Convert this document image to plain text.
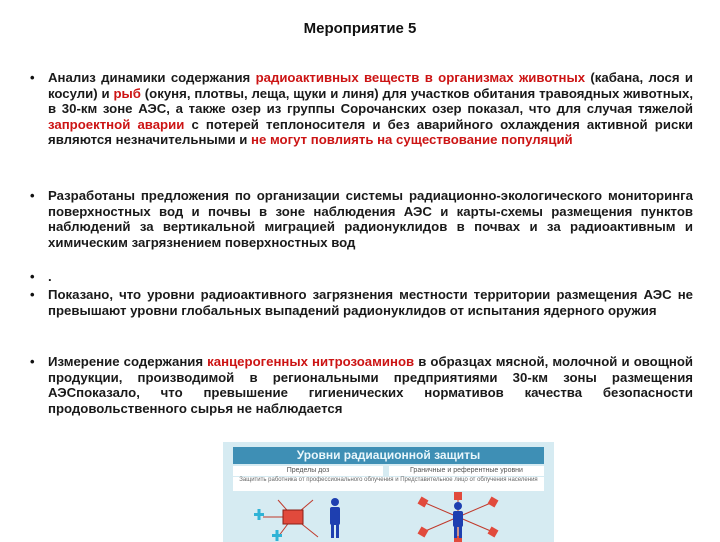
Мероприятие 5
• Анализ динамики содержания радиоактивных веществ в организмах животных (кабана, лося и косули) и рыб (окуня, плотвы, леща, щуки и линя) для участков обитания травоядных животных, в 30-км зоне АЭС, а также озер из группы Сорочанских озер показал, что для случая тяжелой запроектной аварии с потерей теплоносителя и без аварийного охлаждения активной риски являются незначительными и не могут повлиять на существование популяций
• Разработаны предложения по организации системы радиационно-экологического мониторинга поверхностных вод и почвы в зоне наблюдения АЭС и карты-схемы размещения пунктов наблюдений за вертикальной миграцией радионуклидов в почвах и за радиоактивным и химическим загрязнением поверхностных вод
• .
• Показано, что уровни радиоактивного загрязнения местности территории размещения АЭС не превышают уровни глобальных выпадений радионуклидов от испытания ядерного оружия
• Измерение содержания канцерогенных нитрозоаминов в образцах мясной, молочной и овощной продукции, производимой в региональными предприятиями 30-км зоны размещения АЭСпоказало, что превышение гигиенических нормативов качества безопасности продовольственного сырья не наблюдается
Уровни радиационной защиты
Пределы доз	Граничные и референтные уровни
Защитить работника от профессионального облучения и Представительное лицо от облучения населения
